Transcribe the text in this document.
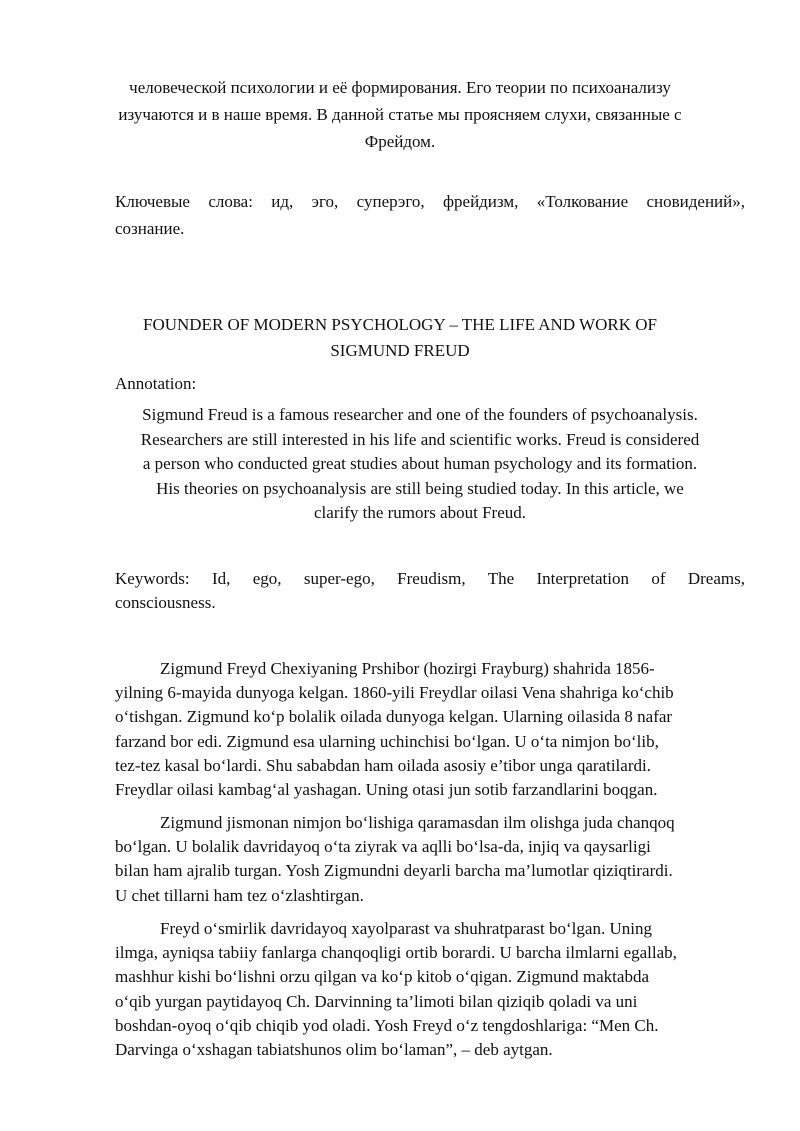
человеческой психологии и её формирования. Его теории по психоанализу
изучаются и в наше время. В данной статье мы проясняем слухи, связанные с
Фрейдом.
Ключевые слова: ид, эго, суперэго, фрейдизм, «Толкование сновидений»,
сознание.
FOUNDER OF MODERN PSYCHOLOGY – THE LIFE AND WORK OF
SIGMUND FREUD
Annotation:
Sigmund Freud is a famous researcher and one of the founders of psychoanalysis.
Researchers are still interested in his life and scientific works. Freud is considered
a person who conducted great studies about human psychology and its formation.
His theories on psychoanalysis are still being studied today. In this article, we
clarify the rumors about Freud.
Keywords: Id, ego, super-ego, Freudism, The Interpretation of Dreams,
consciousness.
Zigmund Freyd Chexiyaning Prshibor (hozirgi Frayburg) shahrida 1856-
yilning 6-mayida dunyoga kelgan. 1860-yili Freydlar oilasi Vena shahriga ko‘chib
o‘tishgan. Zigmund ko‘p bolalik oilada dunyoga kelgan. Ularning oilasida 8 nafar
farzand bor edi. Zigmund esa ularning uchinchisi bo‘lgan. U o‘ta nimjon bo‘lib,
tez-tez kasal bo‘lardi. Shu sababdan ham oilada asosiy e’tibor unga qaratilardi.
Freydlar oilasi kambag‘al yashagan. Uning otasi jun sotib farzandlarini boqgan.
Zigmund jismonan nimjon bo‘lishiga qaramasdan ilm olishga juda chanqoq
bo‘lgan. U bolalik davridayoq o‘ta ziyrak va aqlli bo‘lsa-da, injiq va qaysarligi
bilan ham ajralib turgan. Yosh Zigmundni deyarli barcha ma’lumotlar qiziqtirardi.
U chet tillarni ham tez o‘zlashtirgan.
Freyd o‘smirlik davridayoq xayolparast va shuhratparast bo‘lgan. Uning
ilmga, ayniqsa tabiiy fanlarga chanqoqligi ortib borardi. U barcha ilmlarni egallab,
mashhur kishi bo‘lishni orzu qilgan va ko‘p kitob o‘qigan. Zigmund maktabda
o‘qib yurgan paytidayoq Ch. Darvinning ta’limoti bilan qiziqib qoladi va uni
boshdan-oyoq o‘qib chiqib yod oladi. Yosh Freyd o‘z tengdoshlariga: “Men Ch.
Darvinga o‘xshagan tabiatshunos olim bo‘laman”, – deb aytgan.
